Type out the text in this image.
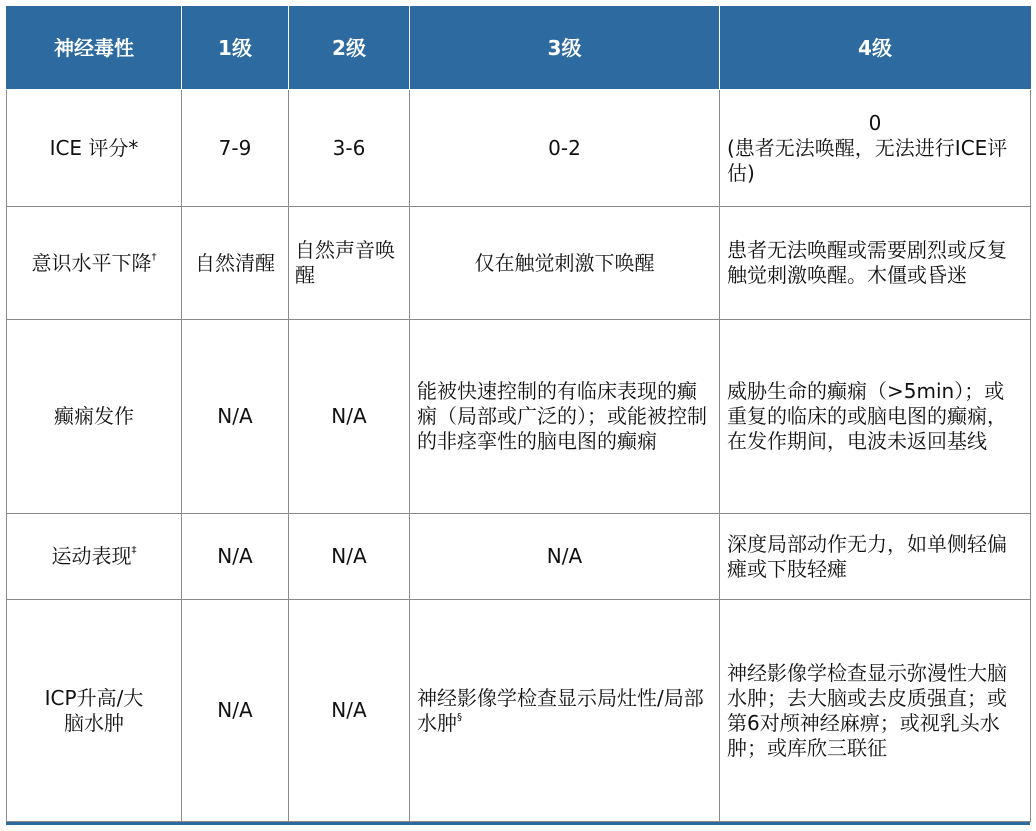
神经毒性	1级	2级	3级	4级
ICE 评分*	7-9	3-6	0-2	0
(患者无法唤醒，无法进行ICE评估)

意识水平下降†	自然清醒	自然声音唤醒	仅在触觉刺激下唤醒	患者无法唤醒或需要剧烈或反复触觉刺激唤醒。木僵或昏迷
癫痫发作	N/A	N/A	能被快速控制的有临床表现的癫痫（局部或广泛的）；或能被控制的非痉挛性的脑电图的癫痫	威胁生命的癫痫（>5min）；或重复的临床的或脑电图的癫痫，在发作期间，电波未返回基线
运动表现‡	N/A	N/A	N/A	深度局部动作无力，如单侧轻偏瘫或下肢轻瘫
ICP升高/大脑水肿	N/A	N/A	神经影像学检查显示局灶性/局部水肿§	神经影像学检查显示弥漫性大脑水肿；去大脑或去皮质强直；或第6对颅神经麻痹；或视乳头水肿；或库欣三联征
